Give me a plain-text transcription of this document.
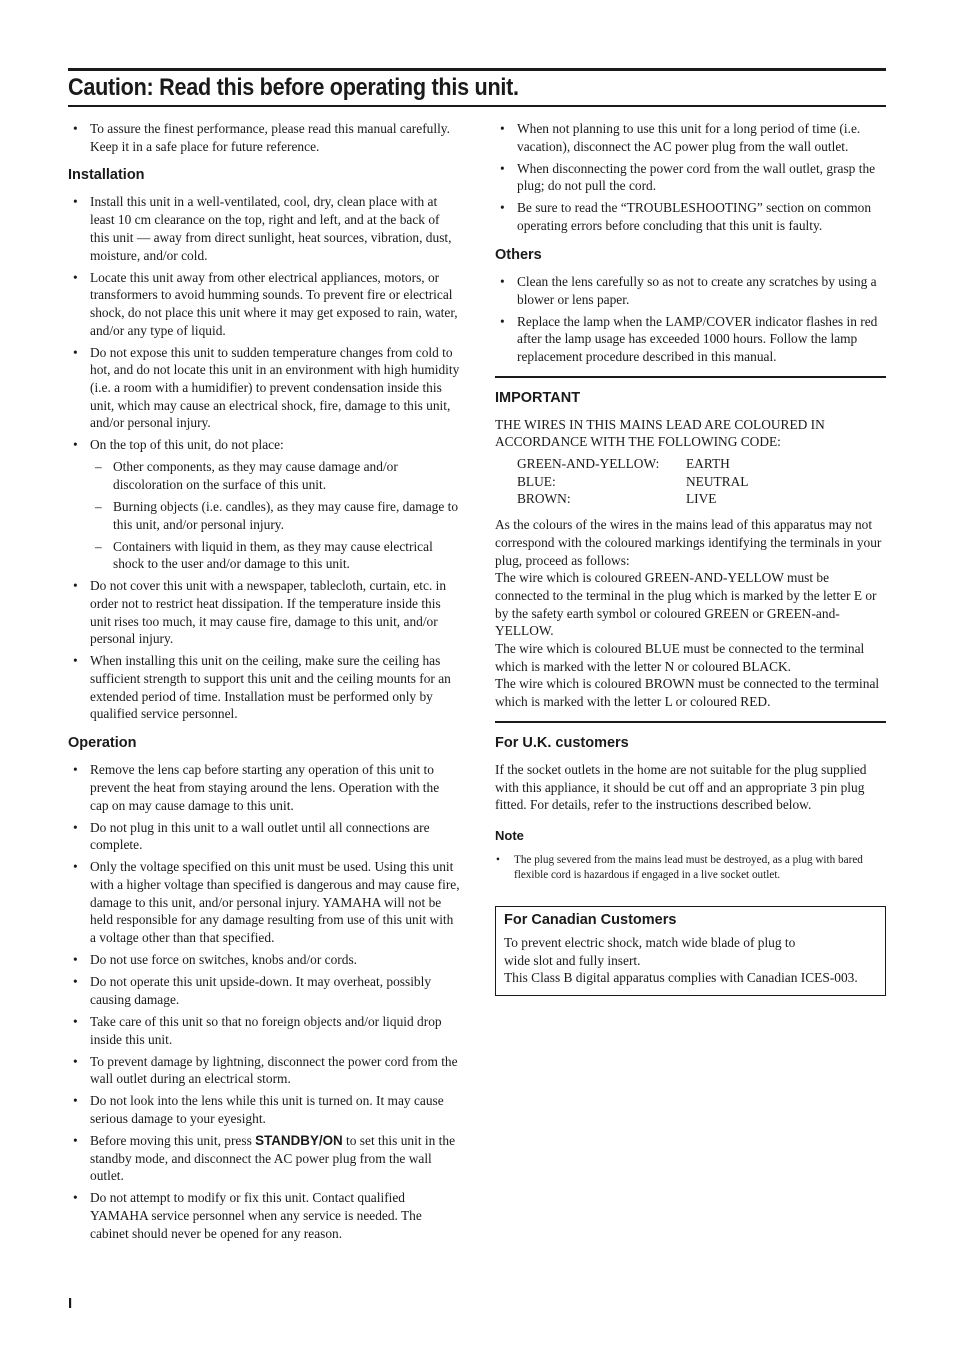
Caution: Read this before operating this unit.
• To assure the finest performance, please read this manual carefully. Keep it in a safe place for future reference.
Installation
• Install this unit in a well-ventilated, cool, dry, clean place with at least 10 cm clearance on the top, right and left, and at the back of this unit — away from direct sunlight, heat sources, vibration, dust, moisture, and/or cold.
• Locate this unit away from other electrical appliances, motors, or transformers to avoid humming sounds. To prevent fire or electrical shock, do not place this unit where it may get exposed to rain, water, and/or any type of liquid.
• Do not expose this unit to sudden temperature changes from cold to hot, and do not locate this unit in an environment with high humidity (i.e. a room with a humidifier) to prevent condensation inside this unit, which may cause an electrical shock, fire, damage to this unit, and/or personal injury.
• On the top of this unit, do not place:
– Other components, as they may cause damage and/or discoloration on the surface of this unit.
– Burning objects (i.e. candles), as they may cause fire, damage to this unit, and/or personal injury.
– Containers with liquid in them, as they may cause electrical shock to the user and/or damage to this unit.
• Do not cover this unit with a newspaper, tablecloth, curtain, etc. in order not to restrict heat dissipation. If the temperature inside this unit rises too much, it may cause fire, damage to this unit, and/or personal injury.
• When installing this unit on the ceiling, make sure the ceiling has sufficient strength to support this unit and the ceiling mounts for an extended period of time. Installation must be performed only by qualified service personnel.
Operation
• Remove the lens cap before starting any operation of this unit to prevent the heat from staying around the lens. Operation with the cap on may cause damage to this unit.
• Do not plug in this unit to a wall outlet until all connections are complete.
• Only the voltage specified on this unit must be used. Using this unit with a higher voltage than specified is dangerous and may cause fire, damage to this unit, and/or personal injury. YAMAHA will not be held responsible for any damage resulting from use of this unit with a voltage other than that specified.
• Do not use force on switches, knobs and/or cords.
• Do not operate this unit upside-down. It may overheat, possibly causing damage.
• Take care of this unit so that no foreign objects and/or liquid drop inside this unit.
• To prevent damage by lightning, disconnect the power cord from the wall outlet during an electrical storm.
• Do not look into the lens while this unit is turned on. It may cause serious damage to your eyesight.
• Before moving this unit, press STANDBY/ON to set this unit in the standby mode, and disconnect the AC power plug from the wall outlet.
• Do not attempt to modify or fix this unit. Contact qualified YAMAHA service personnel when any service is needed. The cabinet should never be opened for any reason.
• When not planning to use this unit for a long period of time (i.e. vacation), disconnect the AC power plug from the wall outlet.
• When disconnecting the power cord from the wall outlet, grasp the plug; do not pull the cord.
• Be sure to read the “TROUBLESHOOTING” section on common operating errors before concluding that this unit is faulty.
Others
• Clean the lens carefully so as not to create any scratches by using a blower or lens paper.
• Replace the lamp when the LAMP/COVER indicator flashes in red after the lamp usage has exceeded 1000 hours. Follow the lamp replacement procedure described in this manual.
IMPORTANT

THE WIRES IN THIS MAINS LEAD ARE COLOURED IN ACCORDANCE WITH THE FOLLOWING CODE:

GREEN-AND-YELLOW:	EARTH
BLUE:	NEUTRAL
BROWN:	LIVE

As the colours of the wires in the mains lead of this apparatus may not correspond with the coloured markings identifying the terminals in your plug, proceed as follows:

The wire which is coloured GREEN-AND-YELLOW must be connected to the terminal in the plug which is marked by the letter E or by the safety earth symbol or coloured GREEN or GREEN-and-YELLOW.

The wire which is coloured BLUE must be connected to the terminal which is marked with the letter N or coloured BLACK.

The wire which is coloured BROWN must be connected to the terminal which is marked with the letter L or coloured RED.

For U.K. customers

If the socket outlets in the home are not suitable for the plug supplied with this appliance, it should be cut off and an appropriate 3 pin plug fitted. For details, refer to the instructions described below.

Note
• The plug severed from the mains lead must be destroyed, as a plug with bared flexible cord is hazardous if engaged in a live socket outlet.
For Canadian Customers

To prevent electric shock, match wide blade of plug to

wide slot and fully insert.

This Class B digital apparatus complies with Canadian ICES-003.

I
